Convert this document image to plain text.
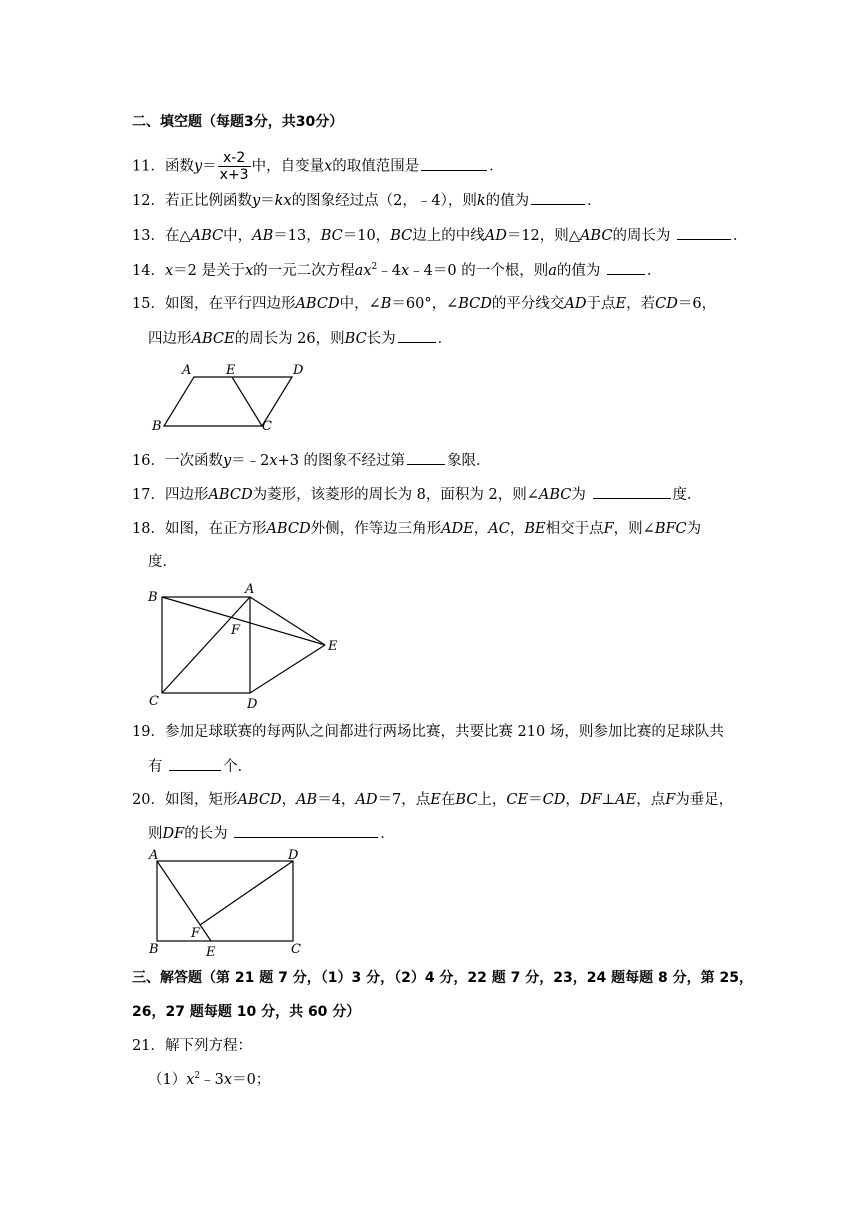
二、填空题（每题3分，共30分）
11．函数$y= \frac{x-2}{x+3}$ 中，自变量x的取值范围是	．
12．若正比例函数y＝kx的图象经过点（2，﹣4），则k的值为	．
13．在△ABC中，AB＝13，BC＝10，BC边上的中线AD＝12，则△ABC的周长为	．
14．x＝2 是关于x的一元二次方程$ax^2﹣4x﹣4=0$ 的一个根，则a的值为	．
15．如图，在平行四边形ABCD中，∠B＝60°，∠BCD的平分线交AD于点E，若CD＝6，
四边形ABCE的周长为 26，则BC长为	．
A	E	D
B	C
16．一次函数y＝﹣2x+3 的图象不经过第	象限．
17．四边形ABCD为菱形，该菱形的周长为 8，面积为 2，则∠ABC为	度．
18．如图，在正方形ABCD外侧，作等边三角形ADE，AC，BE相交于点F，则∠BFC为
度．
B
A
F
E
C	D
19．参加足球联赛的每两队之间都进行两场比赛，共要比赛 210 场，则参加比赛的足球队共
有	个．
20．如图，矩形ABCD，AB＝4，AD＝7，点E在BC上，CE＝CD，DF⊥AE，点F为垂足，
则DF的长为	．
A	D
F
B	E	C
三、解答题（第 21 题 7 分，（1）3 分，（2）4 分，22 题 7 分，23，24 题每题 8 分，第 25，
26，27 题每题 10 分，共 60 分）
21．解下列方程：
$(1)x^2﹣3x=0$；
